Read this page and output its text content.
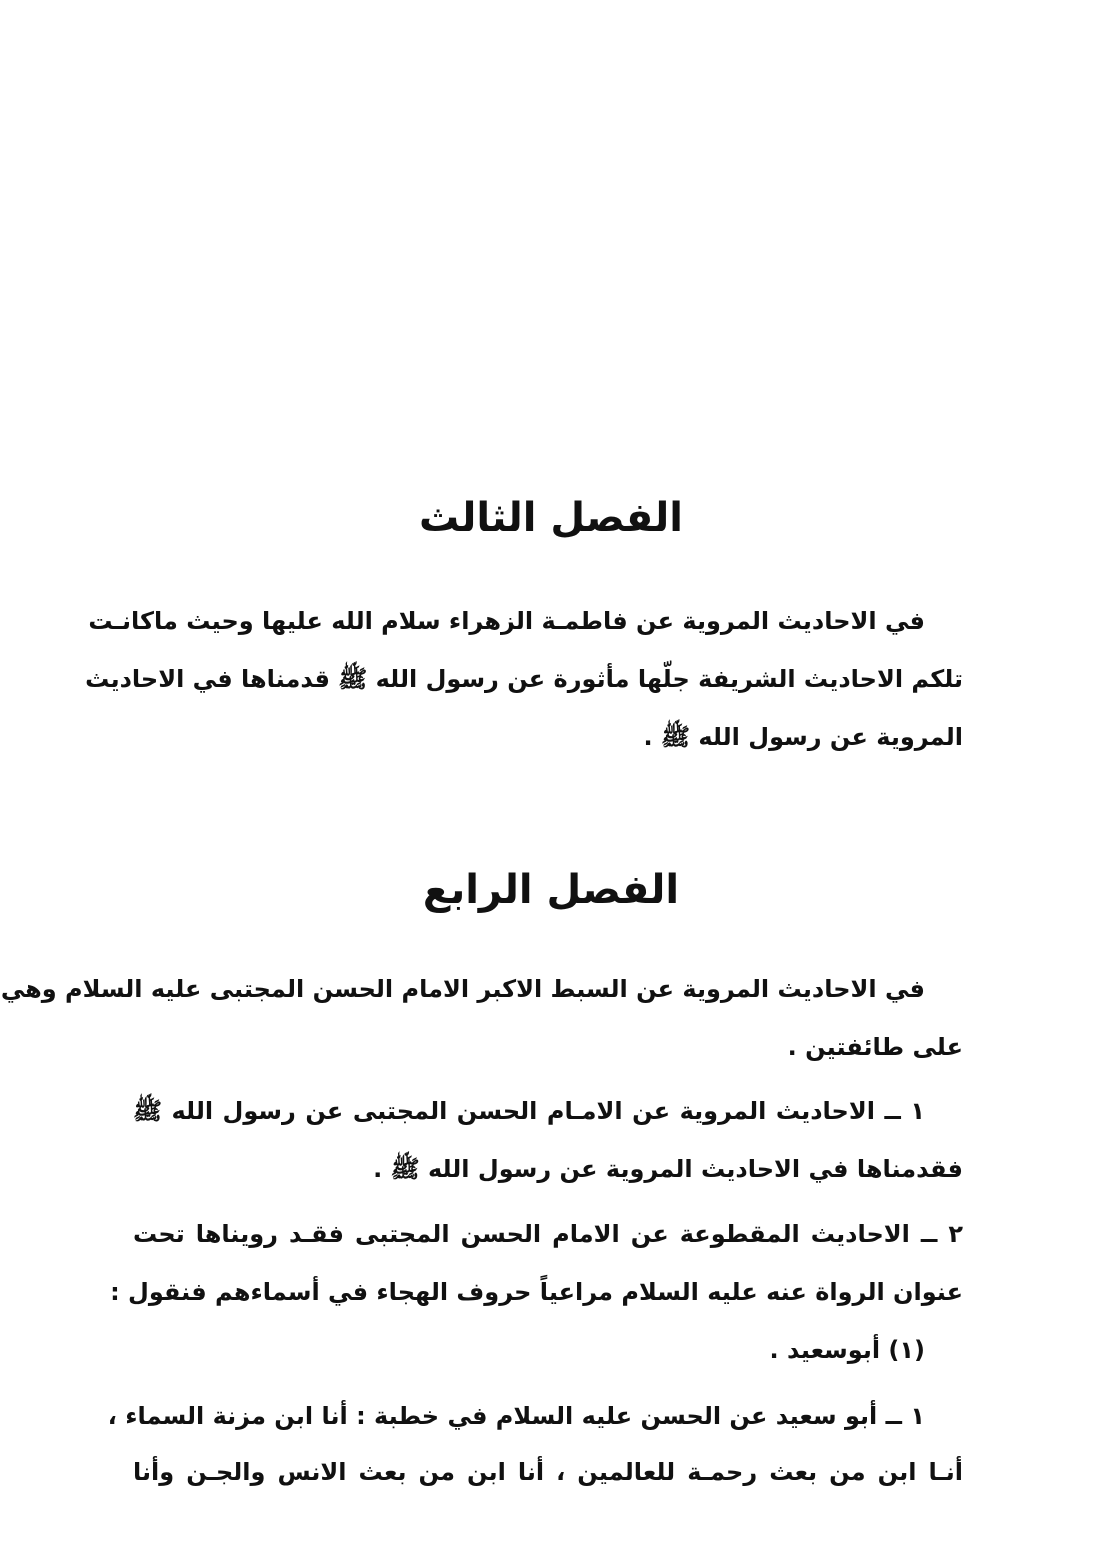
الفصل الثالث
في الاحاديث المروية عن فاطمـة الزهراء سلام الله عليها وحيث ماكانـت
تلكم الاحاديث الشريفة جلّها مأثورة عن رسول الله ﷺ قدمناها في الاحاديث
المروية عن رسول الله ﷺ .
الفصل الرابع
في الاحاديث المروية عن السبط الاكبر الامام الحسن المجتبى عليه السلام وهي
على طائفتين .
١ ــ الاحاديث المروية عن الامـام الحسن المجتبى عن رسول الله ﷺ
فقدمناها في الاحاديث المروية عن رسول الله ﷺ .
٢ ــ الاحاديث المقطوعة عن الامام الحسن المجتبى فقـد رويناها تحت
عنوان الرواة عنه عليه السلام مراعياً حروف الهجاء في أسماءهم فنقول :
(١) أبوسعيد .
١ ــ أبو سعيد عن الحسن عليه السلام في خطبة : أنا ابن مزنة السماء ،
أنـا ابن من بعث رحمـة للعالمين ، أنا ابن من بعث الانس والجـن وأنا
